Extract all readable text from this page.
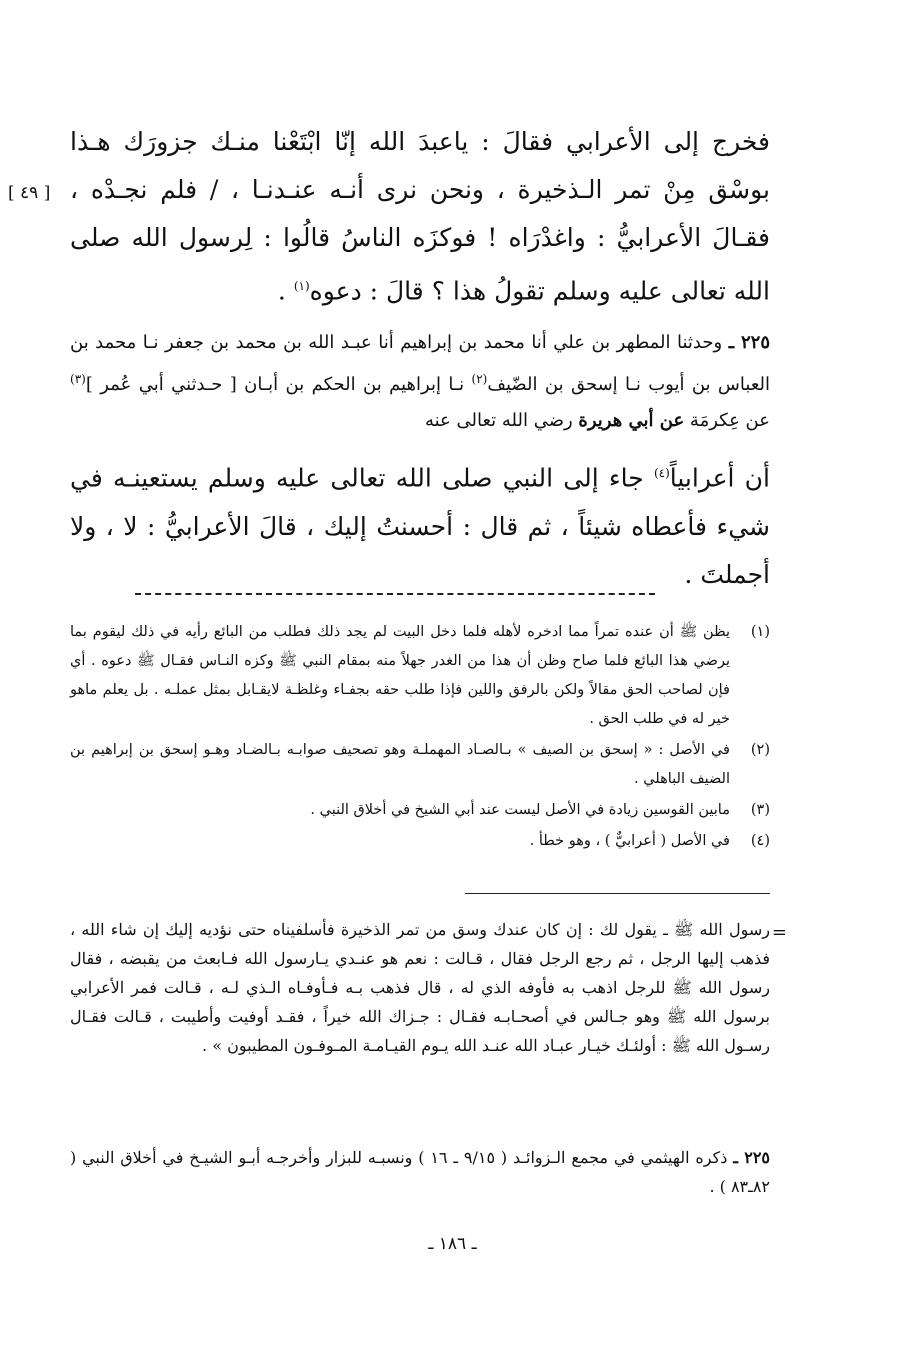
فخرج إلى الأعرابي فقالَ : ياعبدَ الله إنّا ابْتَعْنا منـك جزورَك هـذا بوسْق مِنْ تمر الـذخيرة ، ونحن نرى أنـه عنـدنـا ، / فلم نجـدْه ، فقـالَ الأعرابيُّ : واغدْرَاه ! فوكزَه الناسُ قالُوا : لِرسول الله صلى الله تعالى عليه وسلم تقولُ هذا ؟ قالَ : دعوه$^{(١)}$ .

٢٢٥ ـ وحدثنا المطهر بن علي أنا محمد بن إبراهيم أنا عبـد الله بن محمد بن جعفر نـا محمد بن العباس بن أيوب نـا إسحق بن الضّيف$^{(٢)}$ نـا إبراهيم بن الحكم بن أبـان [ حـدثني أبي عُمر ]$^{(٣)}$ عن عِكرمَة عن أبي هريرة رضي الله تعالى عنه

أن أعرابياً$^{(٤)}$ جاء إلى النبي صلى الله تعالى عليه وسلم يستعينـه في شيء فأعطاه شيئاً ، ثم قال : أحسنتُ إليك ، قالَ الأعرابيُّ : لا ، ولا أجملتَ .

[ ٤٩ ]
(١)
يظن ﷺ أن عنده تمراً مما ادخره لأهله فلما دخل البيت لم يجد ذلك فطلب من البائع رأيه في ذلك ليقوم بما يرضي هذا البائع فلما صاح وظن أن هذا من الغدر جهلاً منه بمقام النبي ﷺ وكزه النـاس فقـال ﷺ دعوه . أي فإن لصاحب الحق مقالاً ولكن بالرفق واللين فإذا طلب حقه بجفـاء وغلظـة لايقـابل بمثل عملـه . بل يعلم ماهو خير له في طلب الحق .
(٢)
في الأصل : « إسحق بن الصيف » بـالصـاد المهملـة وهو تصحيف صوابـه بـالضـاد وهـو إسحق بن إبراهيم بن الضيف الباهلي .
(٣)
مابين القوسين زيادة في الأصل ليست عند أبي الشيخ في أخلاق النبي .
(٤)
في الأصل ( أعرابيٌّ ) ، وهو خطأ .
=

رسول الله ﷺ ـ يقول لك : إن كان عندك وسق من تمر الذخيرة فأسلفيناه حتى نؤديه إليك إن شاء الله ، فذهب إليها الرجل ، ثم رجع الرجل فقال ، قـالت : نعم هو عنـدي يـارسول الله فـابعث من يقبضه ، فقال رسول الله ﷺ للرجل اذهب به فأوفه الذي له ، قال فذهب بـه فـأوفـاه الـذي لـه ، قـالت فمر الأعرابي برسول الله ﷺ وهو جـالس في أصحـابـه فقـال : جـزاك الله خيراً ، فقـد أوفيت وأطيبت ، قـالت فقـال رسـول الله ﷺ : أولئـك خيـار عبـاد الله عنـد الله يـوم القيـامـة المـوفـون المطيبون » .

٢٢٥ ـ ذكره الهيثمي في مجمع الـزوائـد ( ٩/١٥ ـ ١٦ ) ونسبـه للبزار وأخرجـه أبـو الشيـخ في أخلاق النبي ( ٨٢ـ٨٣ ) .

ـ ١٨٦ ـ
